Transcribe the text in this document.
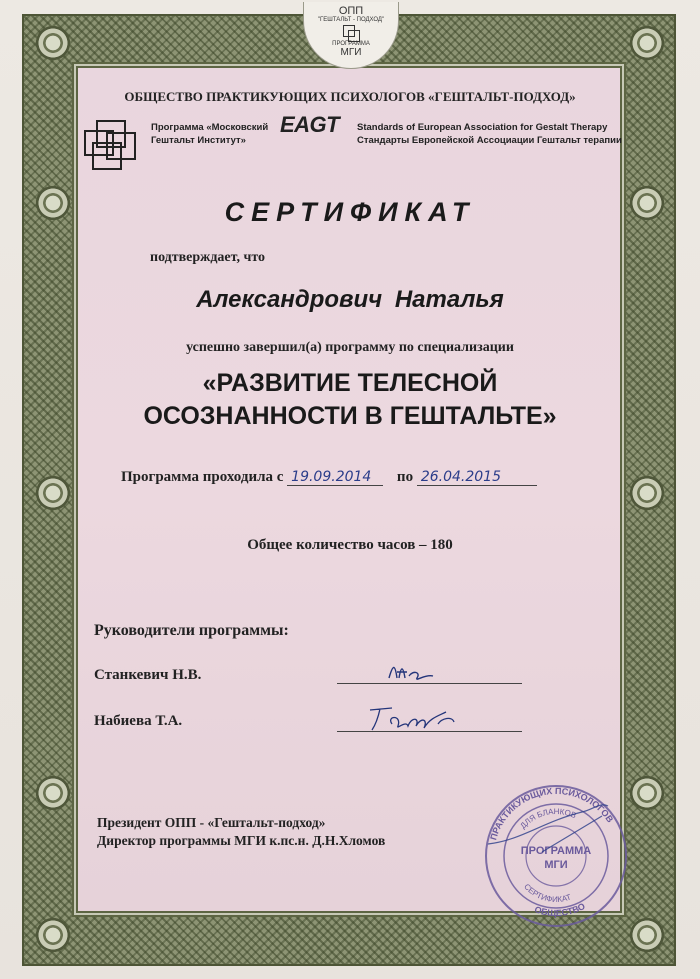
ОПП
"ГЕШТАЛЬТ - ПОДХОД"
ПРОГРАММА
МГИ
ОБЩЕСТВО ПРАКТИКУЮЩИХ ПСИХОЛОГОВ «ГЕШТАЛЬТ-ПОДХОД»
Программа «Московский
Гештальт Институт»
EAGT Standards of European Association for Gestalt Therapy
Стандарты Европейской Ассоциации Гештальт терапии
СЕРТИФИКАТ
подтверждает, что
Александрович Наталья
успешно завершил(а) программу по специализации
«РАЗВИТИЕ ТЕЛЕСНОЙ
ОСОЗНАННОСТИ В ГЕШТАЛЬТЕ»
Программа проходила с 19.09.2014 по 26.04.2015
Общее количество часов – 180
Руководители программы:
Станкевич Н.В.
Набиева Т.А.
Президент ОПП - «Гештальт-подход»
Директор программы МГИ к.пс.н. Д.Н.Хломов	ПРАКТИКУЮЩИХ ПСИХОЛОГОВ
ОБЩЕСТВО
ДЛЯ БЛАНКОВ
СЕРТИФИКАТ
ПРОГРАММА
МГИ
